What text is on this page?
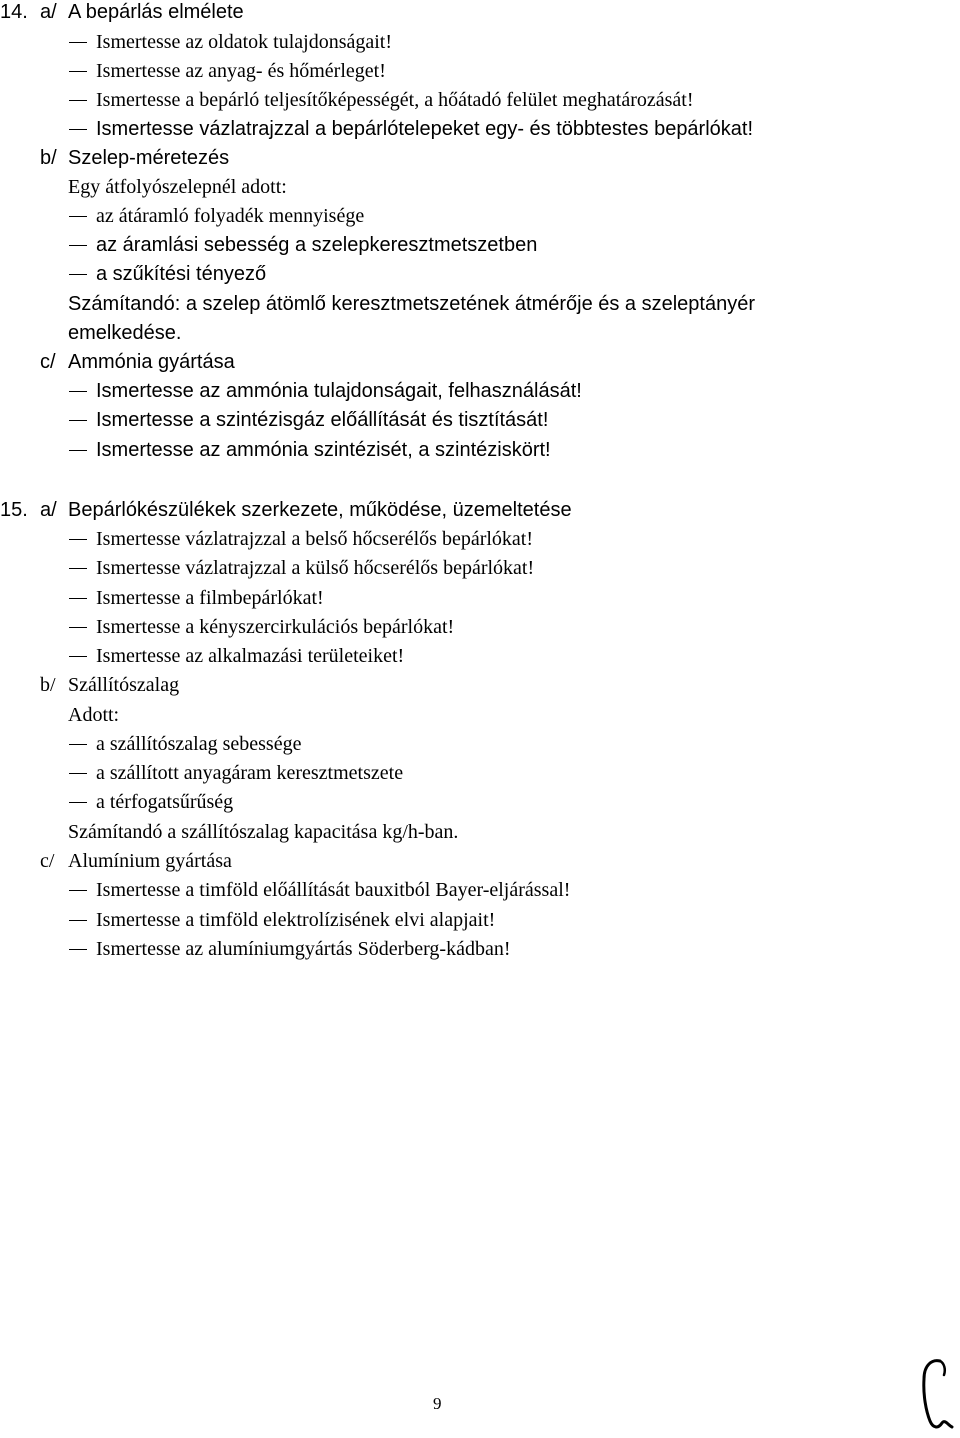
14. a/ A bepárlás elmélete
Ismertesse az oldatok tulajdonságait!
Ismertesse az anyag- és hőmérleget!
Ismertesse a bepárló teljesítőképességét, a hőátadó felület meghatározását!
Ismertesse vázlatrajzzal a bepárlótelepeket egy- és többtestes bepárlókat!
b/ Szelep-méretezés
Egy átfolyószelepnél adott:
az átáramló folyadék mennyisége
az áramlási sebesség a szelepkeresztmetszetben
a szűkítési tényező
Számítandó: a szelep átömlő keresztmetszetének átmérője és a szeleptányér
emelkedése.
c/ Ammónia gyártása
Ismertesse az ammónia tulajdonságait, felhasználását!
Ismertesse a szintézisgáz előállítását és tisztítását!
Ismertesse az ammónia szintézisét, a szintéziskört!
15. a/ Bepárlókészülékek szerkezete, működése, üzemeltetése
Ismertesse vázlatrajzzal a belső hőcserélős bepárlókat!
Ismertesse vázlatrajzzal a külső hőcserélős bepárlókat!
Ismertesse a filmbepárlókat!
Ismertesse a kényszercirkulációs bepárlókat!
Ismertesse az alkalmazási területeiket!
b/ Szállítószalag
Adott:
a szállítószalag sebessége
a szállított anyagáram keresztmetszete
a térfogatsűrűség
Számítandó a szállítószalag kapacitása kg/h-ban.
c/ Alumínium gyártása
Ismertesse a timföld előállítását bauxitból Bayer-eljárással!
Ismertesse a timföld elektrolízisének elvi alapjait!
Ismertesse az alumíniumgyártás Söderberg-kádban!
9
